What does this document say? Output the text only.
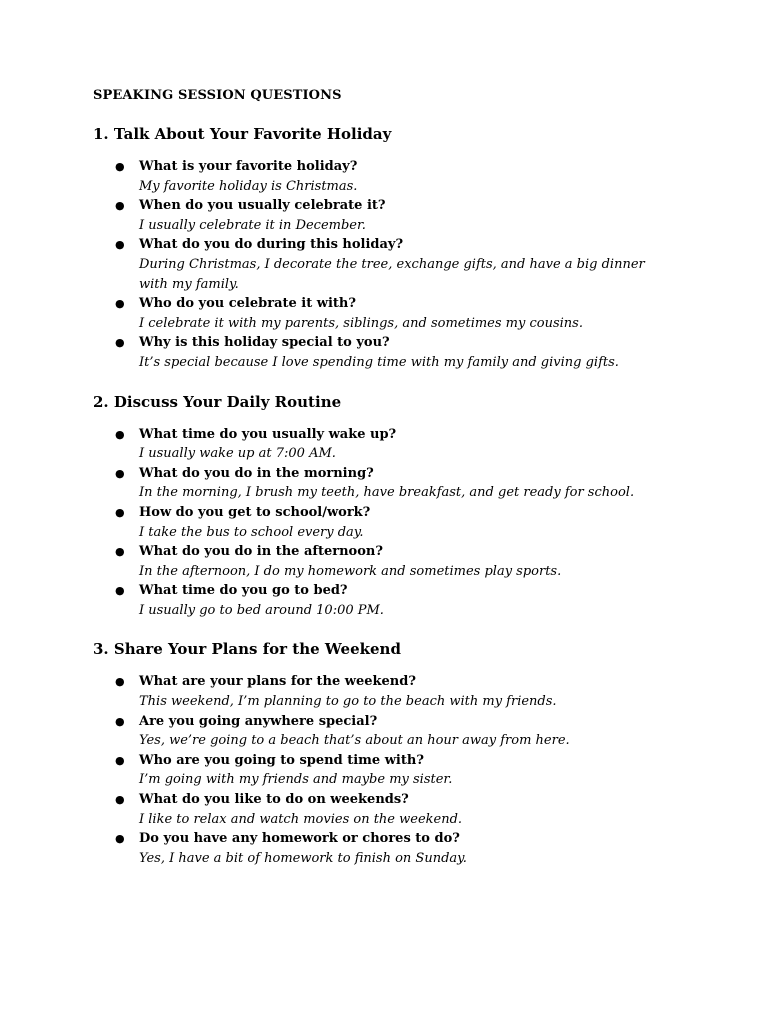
SPEAKING SESSION QUESTIONS
1. Talk About Your Favorite Holiday
● What is your favorite holiday?
My favorite holiday is Christmas.
● When do you usually celebrate it?
I usually celebrate it in December.
● What do you do during this holiday?
During Christmas, I decorate the tree, exchange gifts, and have a big dinner with my family.
● Who do you celebrate it with?
I celebrate it with my parents, siblings, and sometimes my cousins.
● Why is this holiday special to you?
It’s special because I love spending time with my family and giving gifts.
2. Discuss Your Daily Routine
● What time do you usually wake up?
I usually wake up at 7:00 AM.
● What do you do in the morning?
In the morning, I brush my teeth, have breakfast, and get ready for school.
● How do you get to school/work?
I take the bus to school every day.
● What do you do in the afternoon?
In the afternoon, I do my homework and sometimes play sports.
● What time do you go to bed?
I usually go to bed around 10:00 PM.
3. Share Your Plans for the Weekend
● What are your plans for the weekend?
This weekend, I’m planning to go to the beach with my friends.
● Are you going anywhere special?
Yes, we’re going to a beach that’s about an hour away from here.
● Who are you going to spend time with?
I’m going with my friends and maybe my sister.
● What do you like to do on weekends?
I like to relax and watch movies on the weekend.
● Do you have any homework or chores to do?
Yes, I have a bit of homework to finish on Sunday.
